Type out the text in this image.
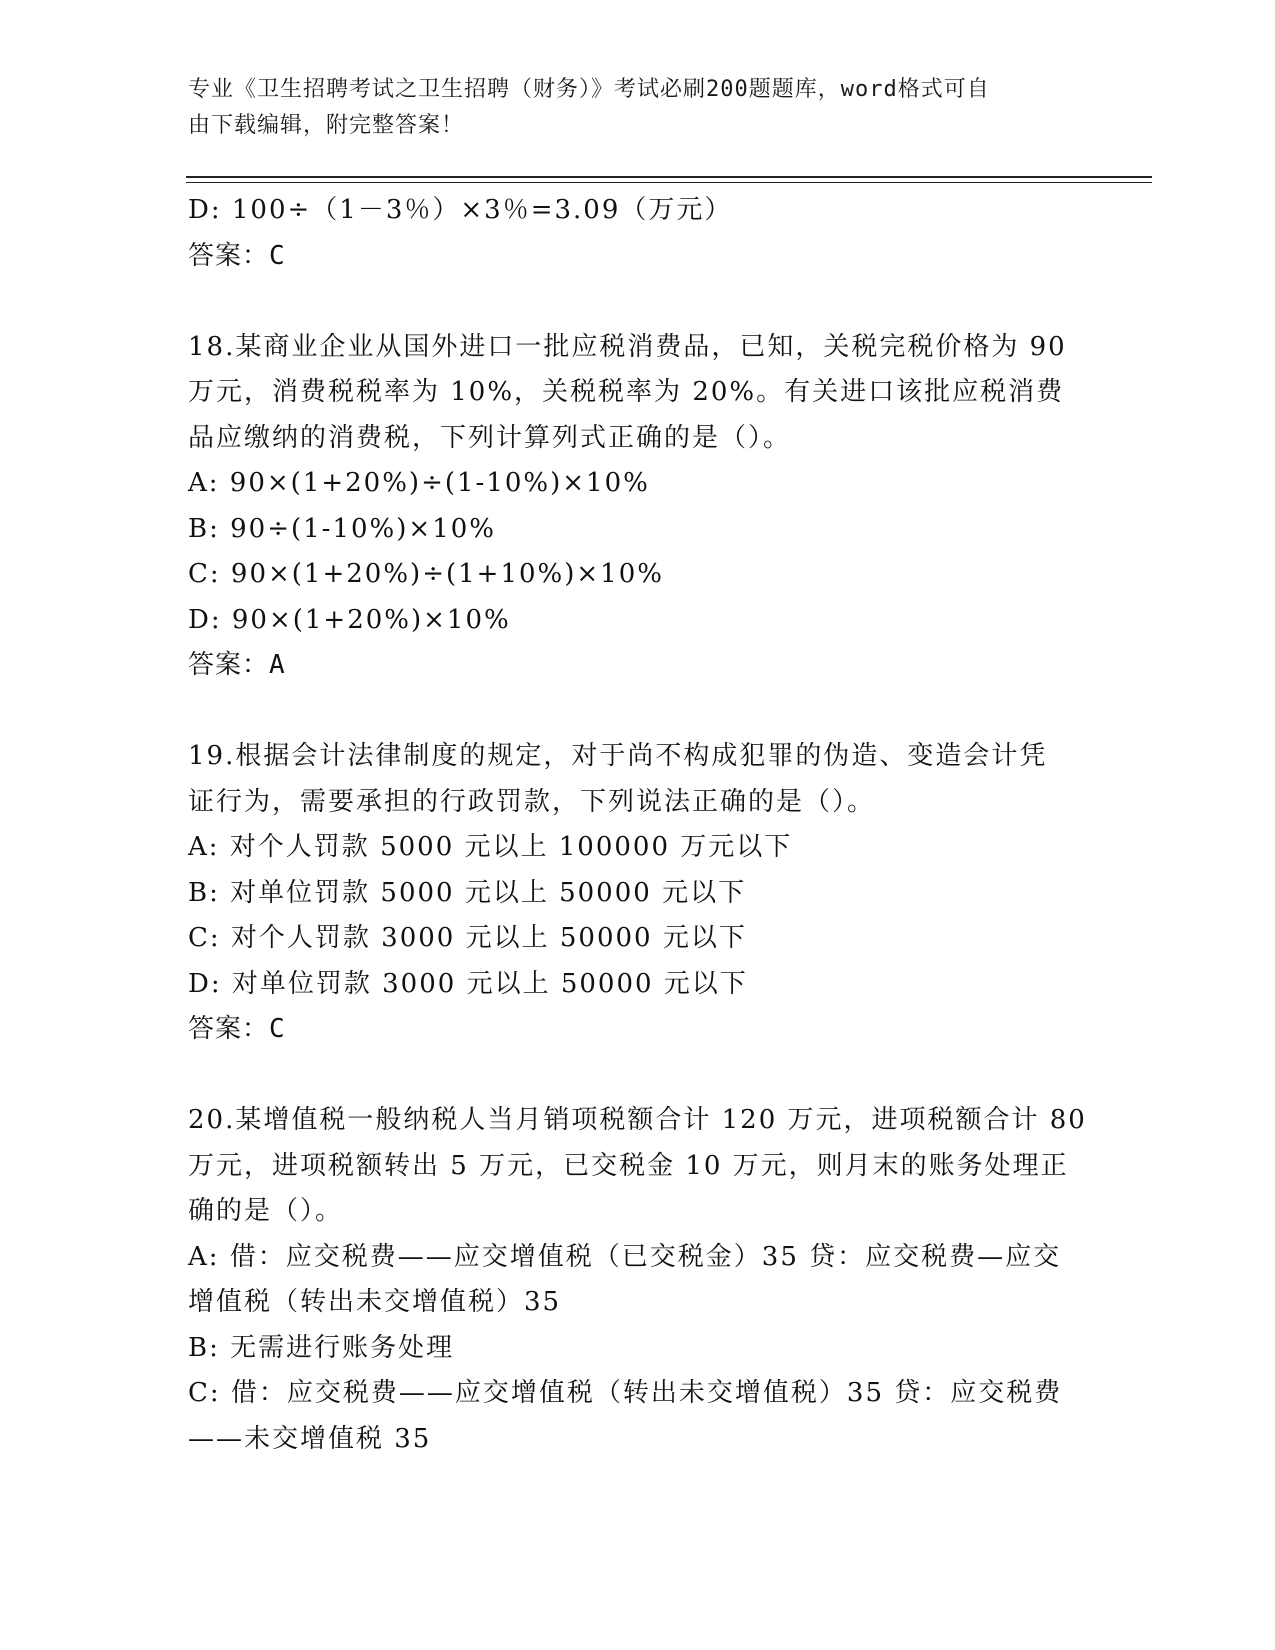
专业《卫生招聘考试之卫生招聘（财务）》考试必刷200题题库，word格式可自
由下载编辑，附完整答案！
D: 100÷（1－3％）×3％=3.09（万元）
答案：C
18.某商业企业从国外进口一批应税消费品，已知，关税完税价格为 90
万元，消费税税率为 10%，关税税率为 20%。有关进口该批应税消费
品应缴纳的消费税，下列计算列式正确的是（）。
A: 90×(1+20%)÷(1-10%)×10%
B: 90÷(1-10%)×10%
C: 90×(1+20%)÷(1+10%)×10%
D: 90×(1+20%)×10%
答案：A
19.根据会计法律制度的规定，对于尚不构成犯罪的伪造、变造会计凭
证行为，需要承担的行政罚款，下列说法正确的是（）。
A: 对个人罚款 5000 元以上 100000 万元以下
B: 对单位罚款 5000 元以上 50000 元以下
C: 对个人罚款 3000 元以上 50000 元以下
D: 对单位罚款 3000 元以上 50000 元以下
答案：C
20.某增值税一般纳税人当月销项税额合计 120 万元，进项税额合计 80
万元，进项税额转出 5 万元，已交税金 10 万元，则月末的账务处理正
确的是（）。
A: 借：应交税费——应交增值税（已交税金）35 贷：应交税费—应交
增值税（转出未交增值税）35
B: 无需进行账务处理
C: 借：应交税费——应交增值税（转出未交增值税）35 贷：应交税费
——未交增值税 35
